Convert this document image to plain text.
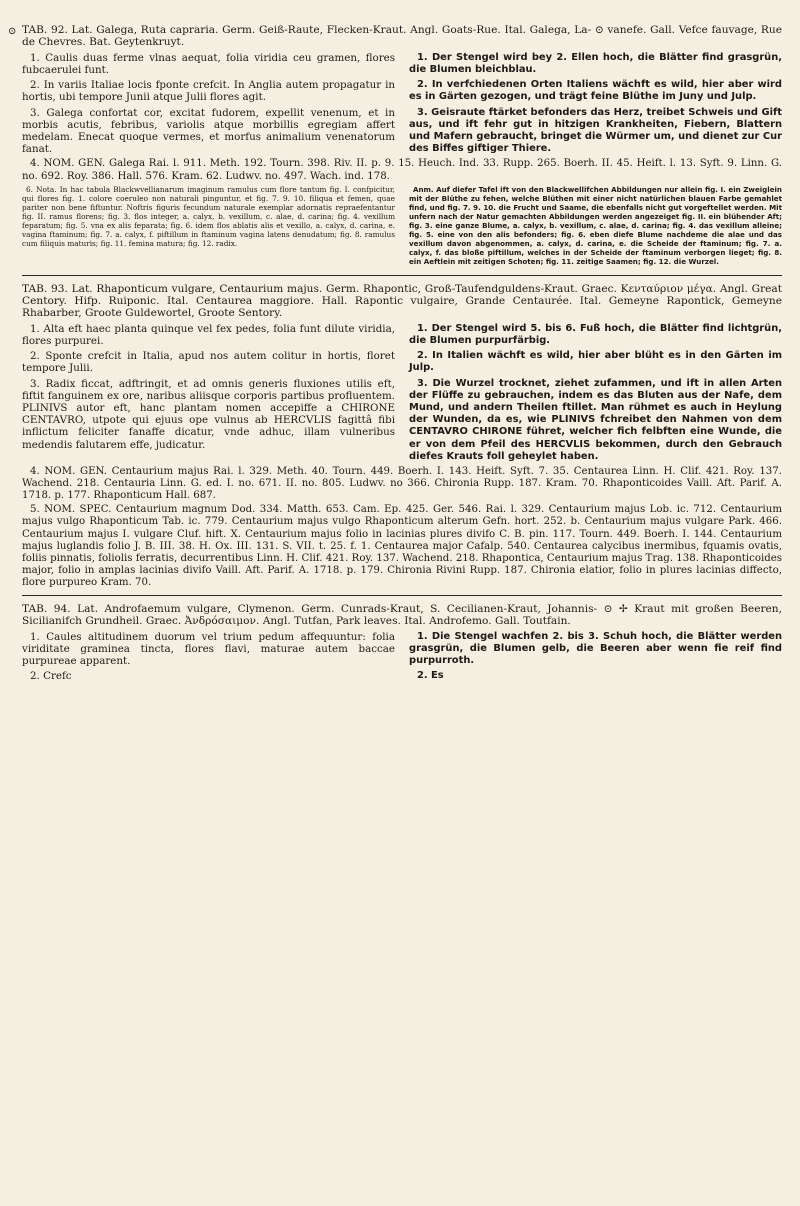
⊙ TAB. 92. Lat. Galega, Ruta capraria. Germ. Geiß-Raute, Flecken-Kraut. Angl. Goats-Rue. Ital. Galega, La- ⊙ vanefe. Gall. Vefce fauvage, Rue de Chevres. Bat. Geytenkruyt.

1. Caulis duas ferme vlnas aequat, folia viridia ceu gramen, flores fubcaerulei funt.

2. In variis Italiae locis fponte crefcit. In Anglia autem propagatur in hortis, ubi tempore Junii atque Julii flores agit.

3. Galega confortat cor, excitat fudorem, expellit venenum, et in morbis acutis, febribus, variolis atque morbillis egregiam affert medelam. Enecat quoque vermes, et morfus animalium venenatorum fanat.

1. Der Stengel wird bey 2. Ellen hoch, die Blätter find grasgrün, die Blumen bleichblau.

2. In verfchiedenen Orten Italiens wächft es wild, hier aber wird es in Gärten gezogen, und trägt feine Blüthe im Juny und Julp.

3. Geisraute ftärket befonders das Herz, treibet Schweis und Gift aus, und ift fehr gut in hitzigen Krankheiten, Fiebern, Blattern und Mafern gebraucht, bringet die Würmer um, und dienet zur Cur des Biffes giftiger Thiere.

4. NOM. GEN. Galega Rai. l. 911. Meth. 192. Tourn. 398. Riv. II. p. 9. 15. Heuch. Ind. 33. Rupp. 265. Boerh. II. 45. Heift. l. 13. Syft. 9. Linn. G. no. 692. Roy. 386. Hall. 576. Kram. 62. Ludwv. no. 497. Wach. ind. 178.

6. Nota. In hac tabula Blackwvellianarum imaginum ramulus cum flore tantum fig. I. confpicitur, qui flores fig. 1. colore coeruleo non naturali pinguntur, et fig. 7. 9. 10. filiqua et femen, quae pariter non bene fiftuntur. Noftris figuris fecundum naturale exemplar adornatis repraefentantur fig. II. ramus florens; fig. 3. flos integer, a. calyx, b. vexillum, c. alae, d. carina; fig. 4. vexillum feparatum; fig. 5. vna ex alis feparata; fig. 6. idem flos ablatis alis et vexillo, a. calyx, d. carina, e. vagina ftaminum; fig. 7. a. calyx, f. piftillum in ftaminum vagina latens denudatum; fig. 8. ramulus cum filiquis maturis; fig. 11. femina matura; fig. 12. radix.

Anm. Auf diefer Tafel ift von den Blackwellifchen Abbildungen nur allein fig. I. ein Zweiglein mit der Blüthe zu fehen, welche Blüthen mit einer nicht natürlichen blauen Farbe gemahlet find, und fig. 7. 9. 10. die Frucht und Saame, die ebenfalls nicht gut vorgeftellet werden. Mit unfern nach der Natur gemachten Abbildungen werden angezeiget fig. II. ein blühender Aft; fig. 3. eine ganze Blume, a. calyx, b. vexillum, c. alae, d. carina; fig. 4. das vexillum alleine; fig. 5. eine von den alis befonders; fig. 6. eben diefe Blume nachdeme die alae und das vexillum davon abgenommen, a. calyx, d. carina, e. die Scheide der ftaminum; fig. 7. a. calyx, f. das bloße piftillum, welches in der Scheide der ftaminum verborgen lieget; fig. 8. ein Aeftlein mit zeitigen Schoten; fig. 11. zeitige Saamen; fig. 12. die Wurzel.

TAB. 93. Lat. Rhaponticum vulgare, Centaurium majus. Germ. Rhapontic, Groß-Taufendguldens-Kraut. Graec. Κενταύριον μέγα. Angl. Great Centory. Hifp. Ruiponic. Ital. Centaurea maggiore. Hall. Rapontic vulgaire, Grande Centaurée. Ital. Gemeyne Rapontick, Gemeyne Rhabarber, Groote Guldewortel, Groote Sentory.

1. Alta eft haec planta quinque vel fex pedes, folia funt dilute viridia, flores purpurei.

2. Sponte crefcit in Italia, apud nos autem colitur in hortis, floret tempore Julii.

3. Radix ficcat, adftringit, et ad omnis generis fluxiones utilis eft, fiftit fanguinem ex ore, naribus aliisque corporis partibus profluentem. PLINIVS autor eft, hanc plantam nomen accepiffe a CHIRONE CENTAVRO, utpote qui ejuus ope vulnus ab HERCVLIS fagittâ fibi inflictum feliciter fanaffe dicatur, vnde adhuc, illam vulneribus medendis falutarem effe, judicatur.

1. Der Stengel wird 5. bis 6. Fuß hoch, die Blätter find lichtgrün, die Blumen purpurfärbig.

2. In Italien wächft es wild, hier aber blüht es in den Gärten im Julp.

3. Die Wurzel trocknet, ziehet zufammen, und ift in allen Arten der Flüffe zu gebrauchen, indem es das Bluten aus der Nafe, dem Mund, und andern Theilen ftillet. Man rühmet es auch in Heylung der Wunden, da es, wie PLINIVS fchreibet den Nahmen von dem CENTAVRO CHIRONE führet, welcher fich felbften eine Wunde, die er von dem Pfeil des HERCVLIS bekommen, durch den Gebrauch diefes Krauts foll geheylet haben.

4. NOM. GEN. Centaurium majus Rai. l. 329. Meth. 40. Tourn. 449. Boerh. I. 143. Heift. Syft. 7. 35. Centaurea Linn. H. Clif. 421. Roy. 137. Wachend. 218. Centauria Linn. G. ed. I. no. 671. II. no. 805. Ludwv. no 366. Chironia Rupp. 187. Kram. 70. Rhaponticoides Vaill. Aft. Parif. A. 1718. p. 177. Rhaponticum Hall. 687.

5. NOM. SPEC. Centaurium magnum Dod. 334. Matth. 653. Cam. Ep. 425. Ger. 546. Rai. l. 329. Centaurium majus Lob. ic. 712. Centaurium majus vulgo Rhaponticum Tab. ic. 779. Centaurium majus vulgo Rhaponticum alterum Gefn. hort. 252. b. Centaurium majus vulgare Park. 466. Centaurium majus I. vulgare Cluf. hift. X. Centaurium majus folio in lacinias plures divifo C. B. pin. 117. Tourn. 449. Boerh. I. 144. Centaurium majus luglandis folio J. B. III. 38. H. Ox. III. 131. S. VII. t. 25. f. 1. Centaurea major Cafalp. 540. Centaurea calycibus inermibus, fquamis ovatis, foliis pinnatis, foliolis ferratis, decurrentibus Linn. H. Clif. 421. Roy. 137. Wachend. 218. Rhapontica, Centaurium majus Trag. 138. Rhaponticoides major, folio in amplas lacinias divifo Vaill. Aft. Parif. A. 1718. p. 179. Chironia Rivini Rupp. 187. Chironia elatior, folio in plures lacinias diffecto, flore purpureo Kram. 70.

TAB. 94. Lat. Androfaemum vulgare, Clymenon. Germ. Cunrads-Kraut, S. Cecilianen-Kraut, Johannis- ⊙ ✢ Kraut mit großen Beeren, Sicilianifch Grundheil. Graec. Ἀνδρόσαιμον. Angl. Tutfan, Park leaves. Ital. Androfemo. Gall. Toutfain.

1. Caules altitudinem duorum vel trium pedum affequuntur: folia viriditate graminea tincta, flores flavi, maturae autem baccae purpureae apparent.

2. Crefc

1. Die Stengel wachfen 2. bis 3. Schuh hoch, die Blätter werden grasgrün, die Blumen gelb, die Beeren aber wenn fie reif find purpurroth.

2. Es
